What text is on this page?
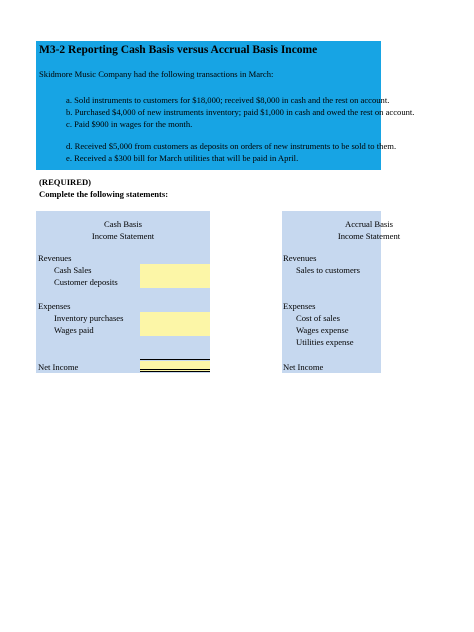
M3-2 Reporting Cash Basis versus Accrual Basis Income
Skidmore Music Company had the following transactions in March:
a. Sold instruments to customers for $18,000; received $8,000 in cash and the rest on account.
b. Purchased $4,000 of new instruments inventory; paid $1,000 in cash and owed the rest on account.
c. Paid $900 in wages for the month.
d. Received $5,000 from customers as deposits on orders of new instruments to be sold to them.
e. Received a $300 bill for March utilities that will be paid in April.
(REQUIRED)
Complete the following statements:
Cash Basis
Income Statement
Revenues
Cash Sales
Customer deposits
Expenses
Inventory purchases
Wages paid
Net Income
Accrual Basis
Income Statement
Revenues
Sales to customers
Expenses
Cost of sales
Wages expense
Utilities expense
Net Income
